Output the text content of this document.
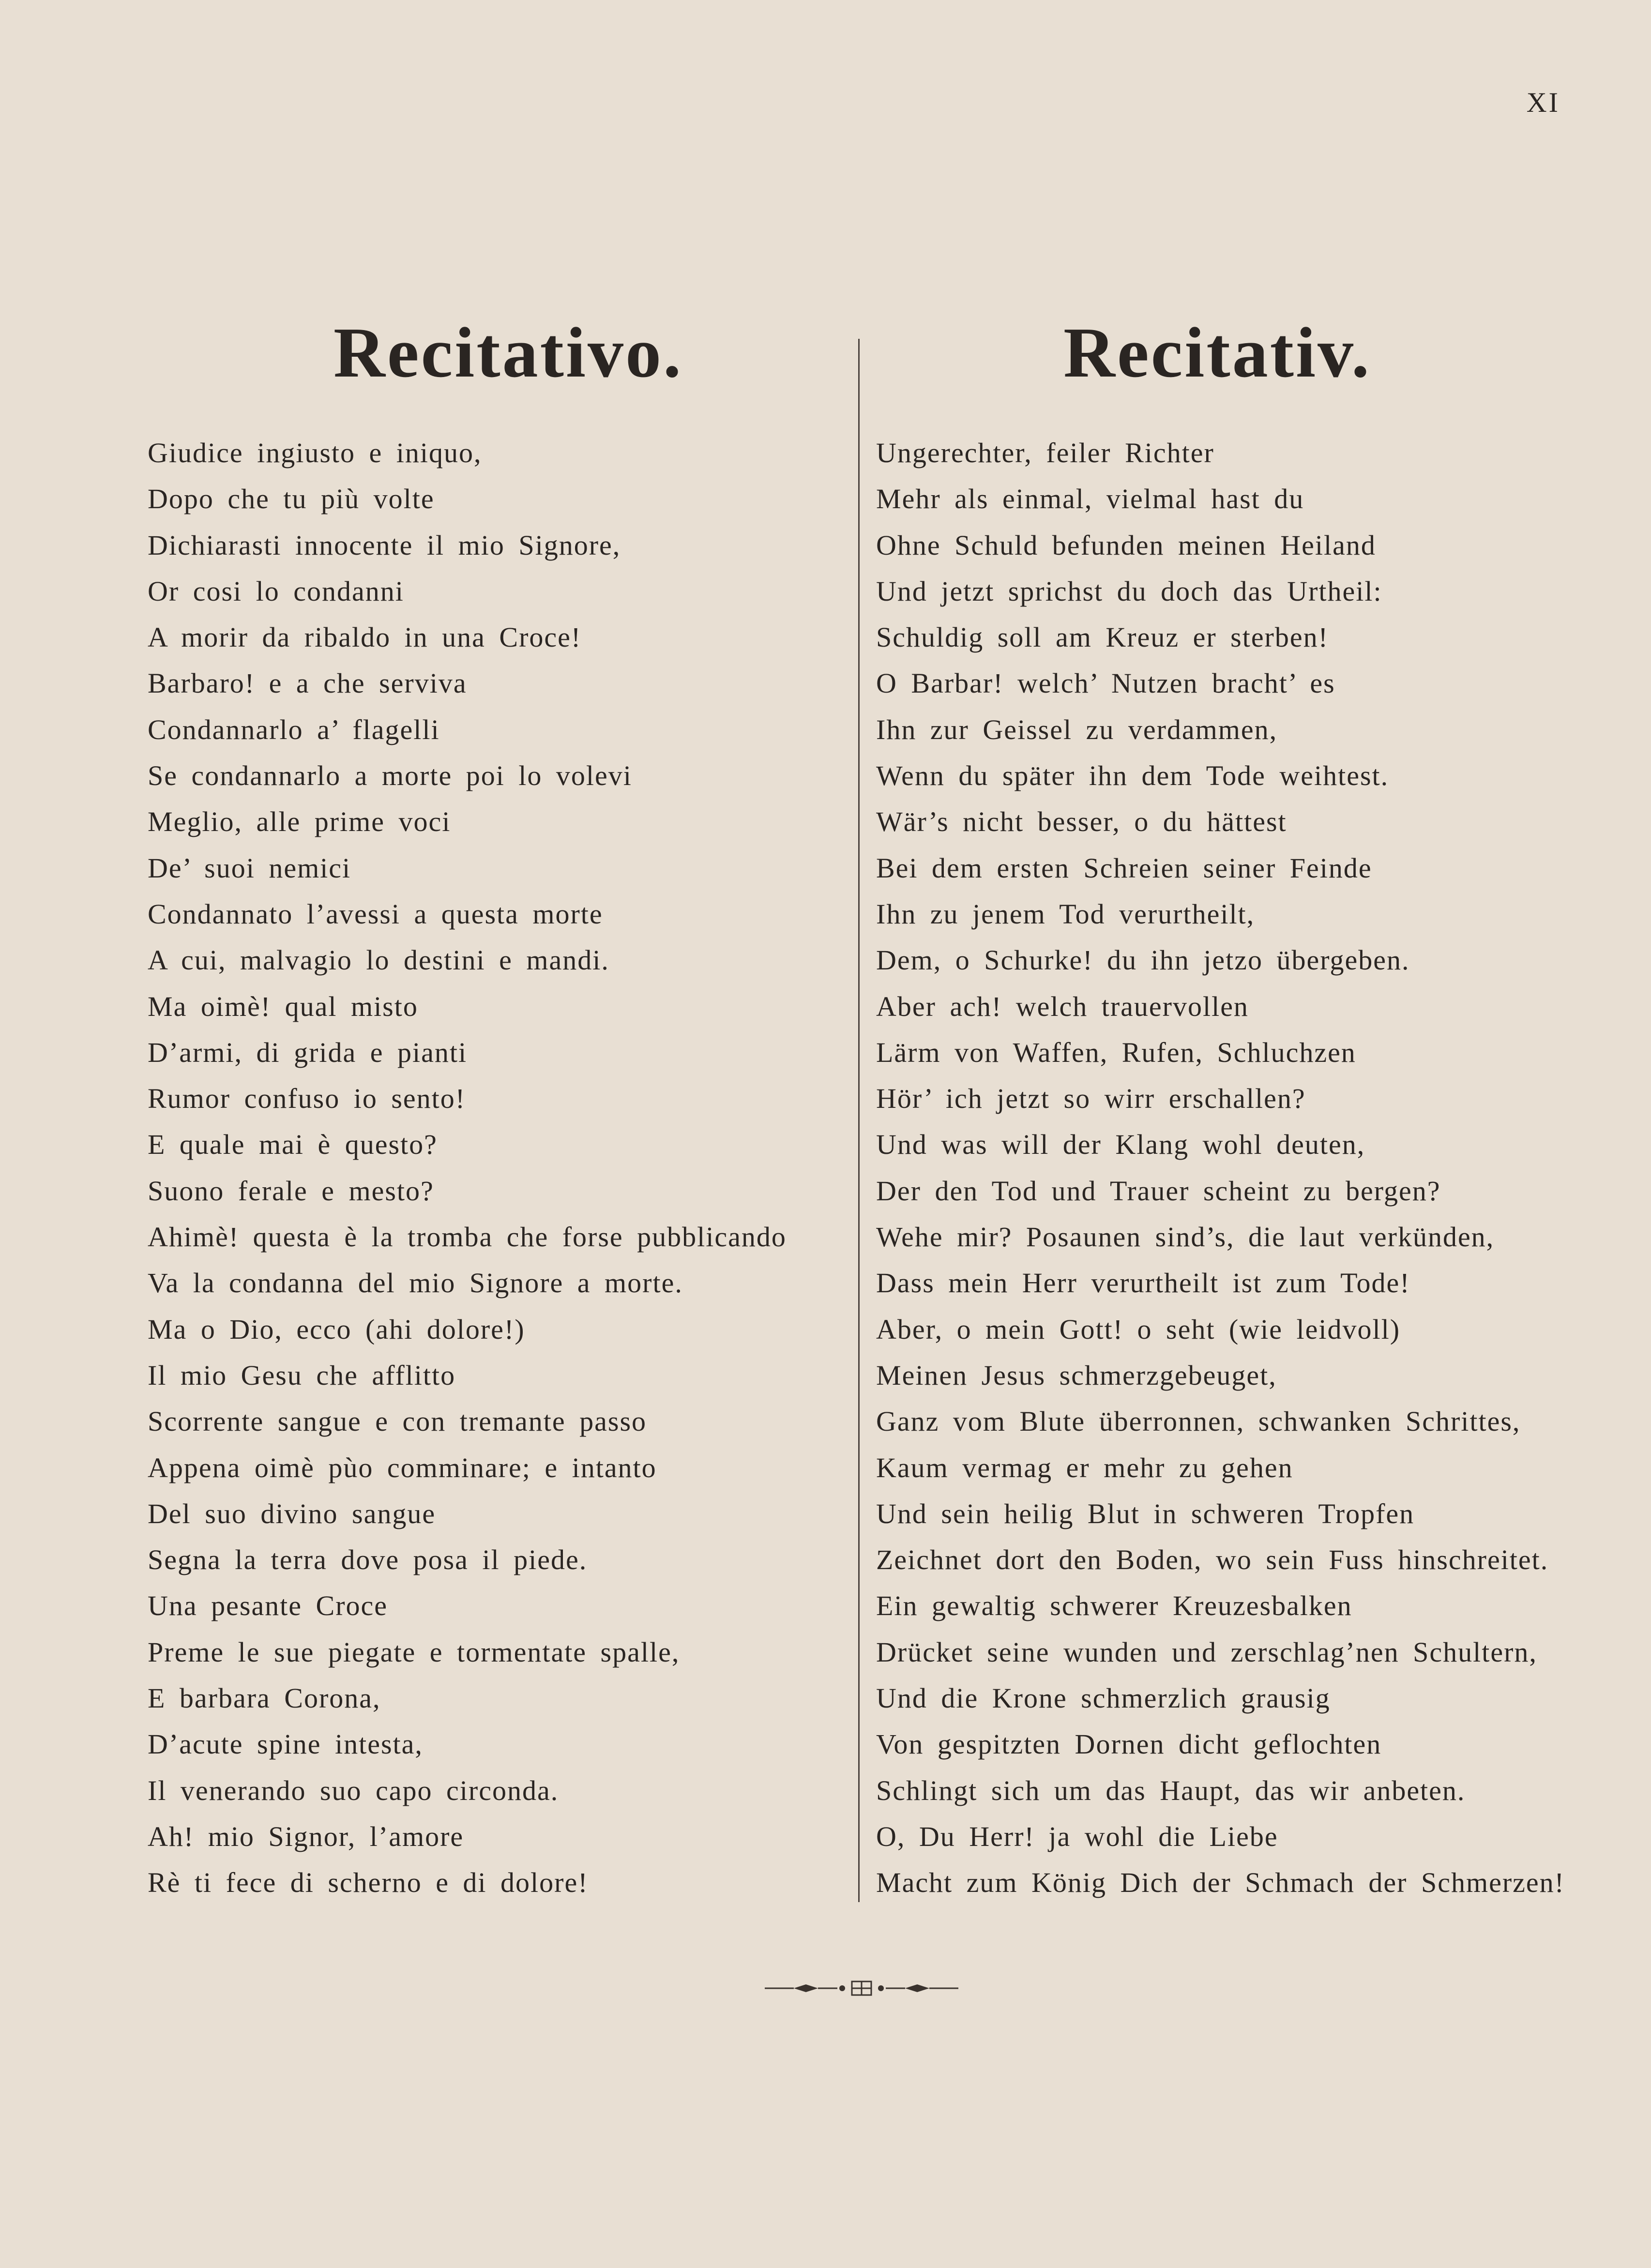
XI
Recitativo.	Recitativ.
Giudice ingiusto e iniquo,
Dopo che tu più volte
Dichiarasti innocente il mio Signore,
Or cosi lo condanni
A morir da ribaldo in una Croce!
Barbaro! e a che serviva
Condannarlo a’ flagelli
Se condannarlo a morte poi lo volevi
Meglio, alle prime voci
De’ suoi nemici
Condannato l’avessi a questa morte
A cui, malvagio lo destini e mandi.
Ma oimè! qual misto
D’armi, di grida e pianti
Rumor confuso io sento!
E quale mai è questo?
Suono ferale e mesto?
Ahimè! questa è la tromba che forse pubblicando
Va la condanna del mio Signore a morte.
Ma o Dio, ecco (ahi dolore!)
Il mio Gesu che afflitto
Scorrente sangue e con tremante passo
Appena oimè pùo comminare; e intanto
Del suo divino sangue
Segna la terra dove posa il piede.
Una pesante Croce
Preme le sue piegate e tormentate spalle,
E barbara Corona,
D’acute spine intesta,
Il venerando suo capo circonda.
Ah! mio Signor, l’amore
Rè ti fece di scherno e di dolore!
Ungerechter, feiler Richter
Mehr als einmal, vielmal hast du
Ohne Schuld befunden meinen Heiland
Und jetzt sprichst du doch das Urtheil:
Schuldig soll am Kreuz er sterben!
O Barbar! welch’ Nutzen bracht’ es
Ihn zur Geissel zu verdammen,
Wenn du später ihn dem Tode weihtest.
Wär’s nicht besser, o du hättest
Bei dem ersten Schreien seiner Feinde
Ihn zu jenem Tod verurtheilt,
Dem, o Schurke! du ihn jetzo übergeben.
Aber ach! welch trauervollen
Lärm von Waffen, Rufen, Schluchzen
Hör’ ich jetzt so wirr erschallen?
Und was will der Klang wohl deuten,
Der den Tod und Trauer scheint zu bergen?
Wehe mir? Posaunen sind’s, die laut verkünden,
Dass mein Herr verurtheilt ist zum Tode!
Aber, o mein Gott! o seht (wie leidvoll)
Meinen Jesus schmerzgebeuget,
Ganz vom Blute überronnen, schwanken Schrittes,
Kaum vermag er mehr zu gehen
Und sein heilig Blut in schweren Tropfen
Zeichnet dort den Boden, wo sein Fuss hinschreitet.
Ein gewaltig schwerer Kreuzesbalken
Drücket seine wunden und zerschlag’nen Schultern,
Und die Krone schmerzlich grausig
Von gespitzten Dornen dicht geflochten
Schlingt sich um das Haupt, das wir anbeten.
O, Du Herr! ja wohl die Liebe
Macht zum König Dich der Schmach der Schmerzen!
